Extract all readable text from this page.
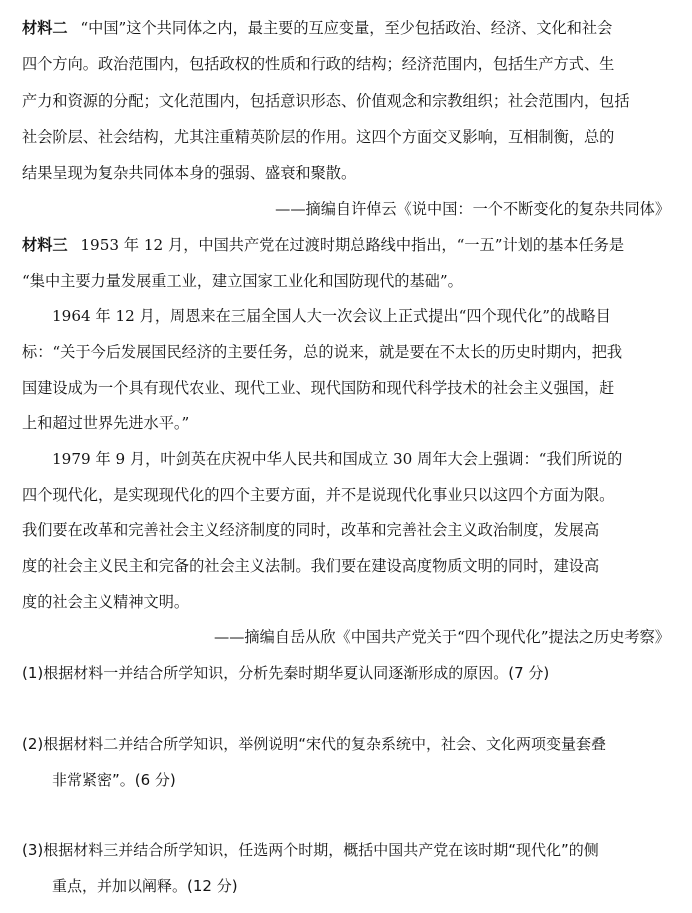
材料二 “中国”这个共同体之内，最主要的互应变量，至少包括政治、经济、文化和社会
四个方向。政治范围内，包括政权的性质和行政的结构；经济范围内，包括生产方式、生
产力和资源的分配；文化范围内，包括意识形态、价值观念和宗教组织；社会范围内，包括
社会阶层、社会结构，尤其注重精英阶层的作用。这四个方面交叉影响，互相制衡，总的
结果呈现为复杂共同体本身的强弱、盛衰和聚散。
——摘编自许倬云《说中国：一个不断变化的复杂共同体》
材料三 1953 年 12 月，中国共产党在过渡时期总路线中指出，“一五”计划的基本任务是
“集中主要力量发展重工业，建立国家工业化和国防现代的基础”。
1964 年 12 月，周恩来在三届全国人大一次会议上正式提出“四个现代化”的战略目
标：“关于今后发展国民经济的主要任务，总的说来，就是要在不太长的历史时期内，把我
国建设成为一个具有现代农业、现代工业、现代国防和现代科学技术的社会主义强国，赶
上和超过世界先进水平。”
1979 年 9 月，叶剑英在庆祝中华人民共和国成立 30 周年大会上强调：“我们所说的
四个现代化，是实现现代化的四个主要方面，并不是说现代化事业只以这四个方面为限。
我们要在改革和完善社会主义经济制度的同时，改革和完善社会主义政治制度，发展高
度的社会主义民主和完备的社会主义法制。我们要在建设高度物质文明的同时，建设高
度的社会主义精神文明。
——摘编自岳从欣《中国共产党关于“四个现代化”提法之历史考察》
(1)根据材料一并结合所学知识，分析先秦时期华夏认同逐渐形成的原因。(7 分)
(2)根据材料二并结合所学知识，举例说明“宋代的复杂系统中，社会、文化两项变量套叠
非常紧密”。(6 分)
(3)根据材料三并结合所学知识，任选两个时期，概括中国共产党在该时期“现代化”的侧
重点，并加以阐释。(12 分)
